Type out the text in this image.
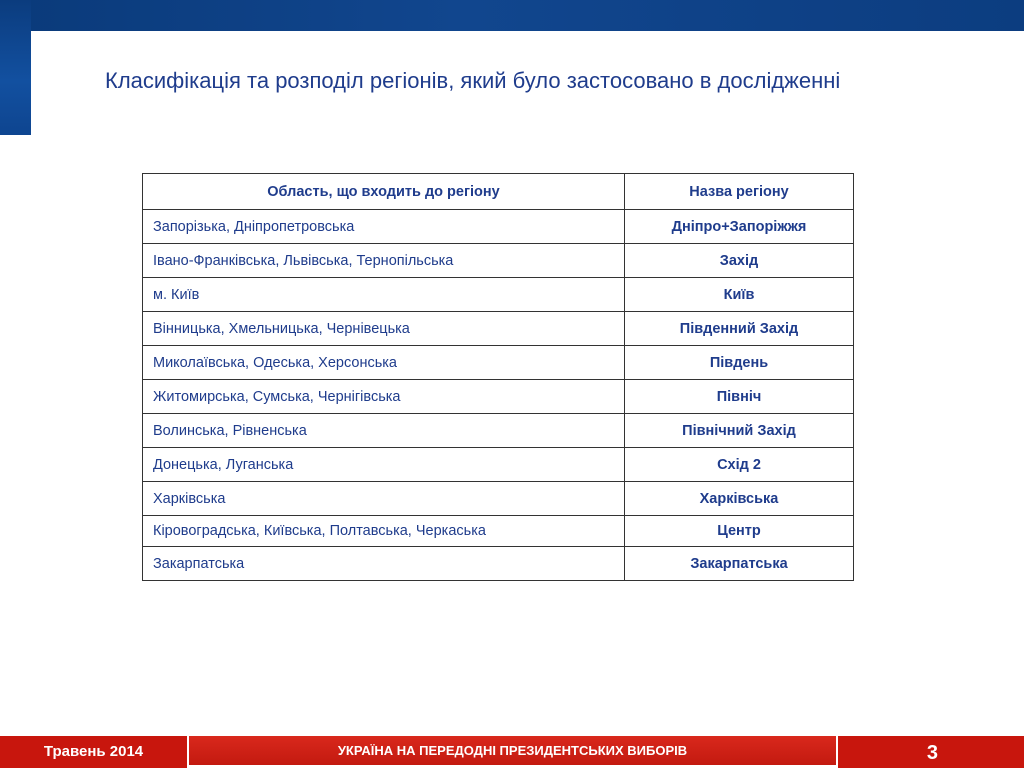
Класифікація та розподіл регіонів, який було застосовано в дослідженні
Область, що входить до регіону	Назва регіону
Запорізька, Дніпропетровська	Дніпро+Запоріжжя
Івано-Франківська, Львівська, Тернопільська	Захід
м. Київ	Київ
Вінницька, Хмельницька, Чернівецька	Південний Захід
Миколаївська, Одеська, Херсонська	Південь
Житомирська, Сумська, Чернігівська	Північ
Волинська, Рівненська	Північний Захід
Донецька, Луганська	Схід 2
Харківська	Харківська
Кіровоградська, Київська, Полтавська, Черкаська	Центр
Закарпатська	Закарпатська
Травень 2014	УКРАЇНА НА ПЕРЕДОДНІ ПРЕЗИДЕНТСЬКИХ ВИБОРІВ	3
